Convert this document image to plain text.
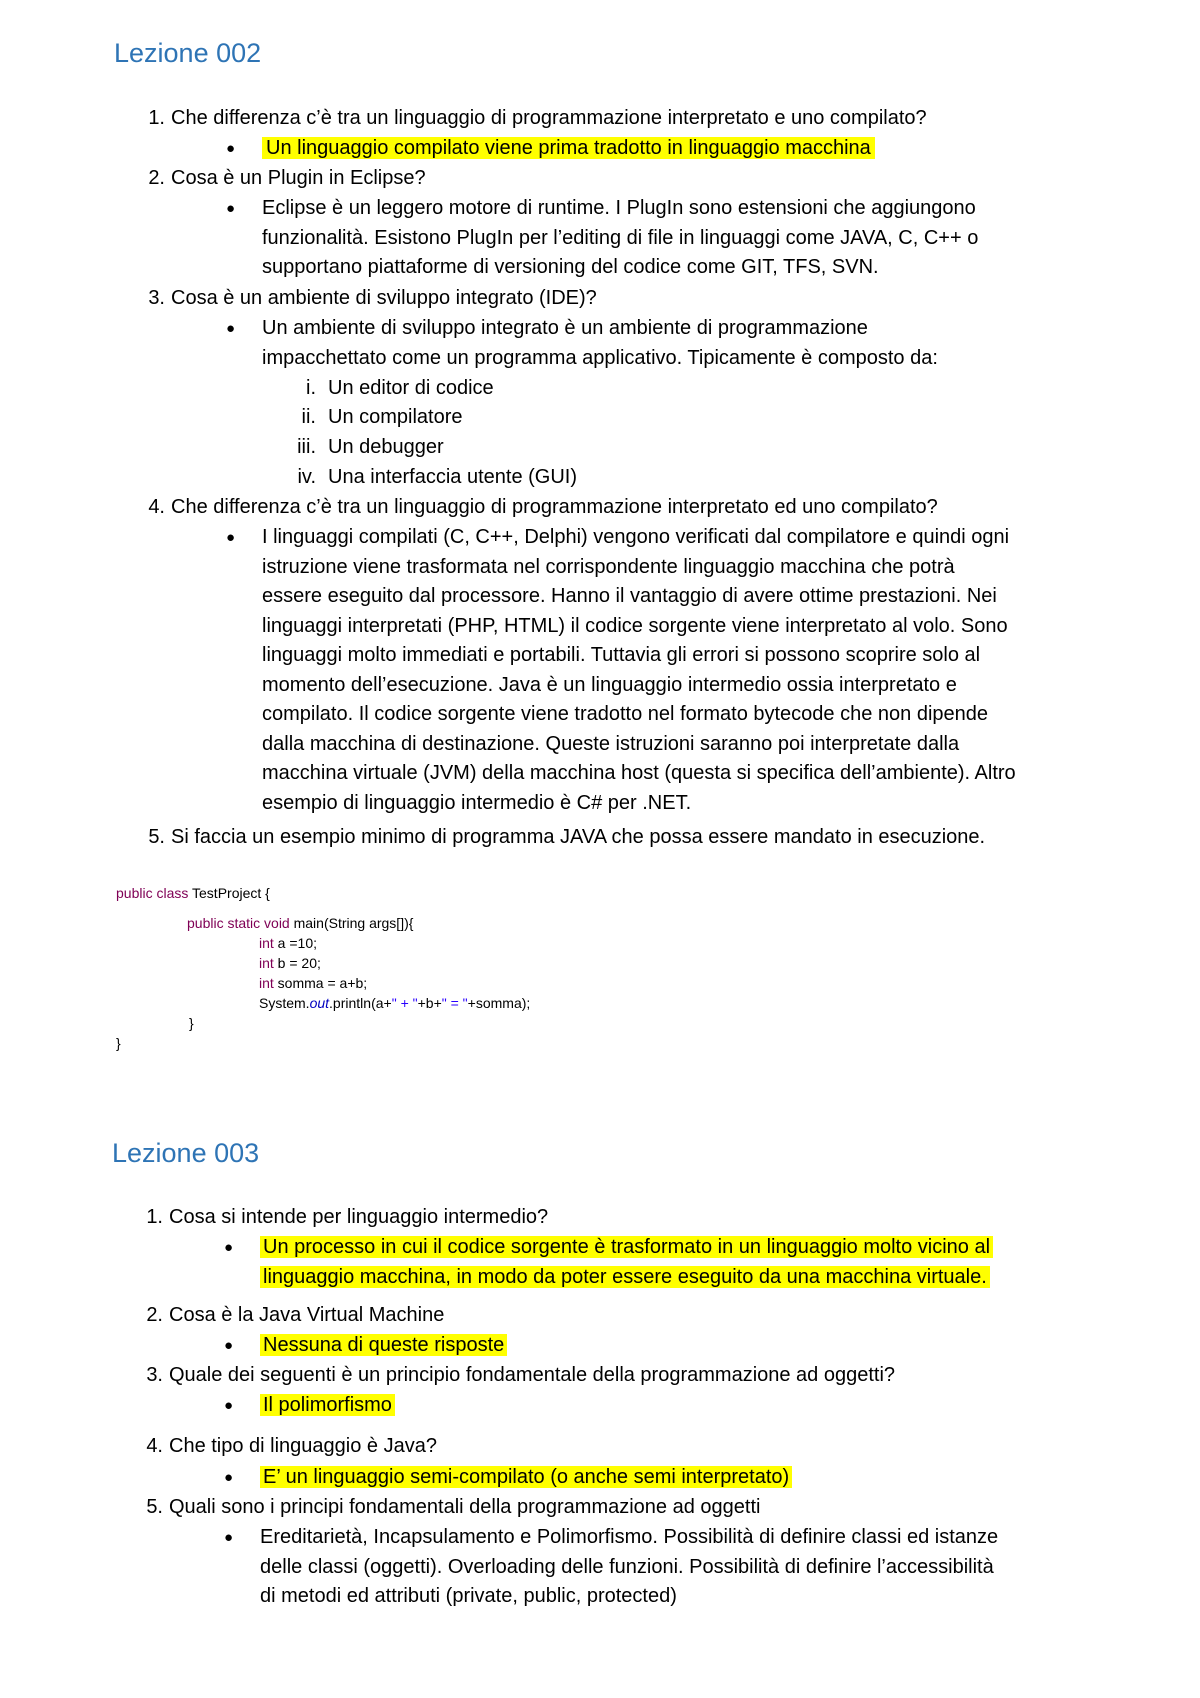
Lezione 002
1. Che differenza c’è tra un linguaggio di programmazione interpretato e uno compilato?
● Un linguaggio compilato viene prima tradotto in linguaggio macchina
2. Cosa è un Plugin in Eclipse?
● Eclipse è un leggero motore di runtime. I PlugIn sono estensioni che aggiungono
funzionalità. Esistono PlugIn per l’editing di file in linguaggi come JAVA, C, C++ o
supportano piattaforme di versioning del codice come GIT, TFS, SVN.
3. Cosa è un ambiente di sviluppo integrato (IDE)?
● Un ambiente di sviluppo integrato è un ambiente di programmazione
impacchettato come un programma applicativo. Tipicamente è composto da:
i. Un editor di codice
ii. Un compilatore
iii. Un debugger
iv. Una interfaccia utente (GUI)
4. Che differenza c’è tra un linguaggio di programmazione interpretato ed uno compilato?
● I linguaggi compilati (C, C++, Delphi) vengono verificati dal compilatore e quindi ogni
istruzione viene trasformata nel corrispondente linguaggio macchina che potrà
essere eseguito dal processore. Hanno il vantaggio di avere ottime prestazioni. Nei
linguaggi interpretati (PHP, HTML) il codice sorgente viene interpretato al volo. Sono
linguaggi molto immediati e portabili. Tuttavia gli errori si possono scoprire solo al
momento dell’esecuzione. Java è un linguaggio intermedio ossia interpretato e
compilato. Il codice sorgente viene tradotto nel formato bytecode che non dipende
dalla macchina di destinazione. Queste istruzioni saranno poi interpretate dalla
macchina virtuale (JVM) della macchina host (questa si specifica dell’ambiente). Altro
esempio di linguaggio intermedio è C# per .NET.
5. Si faccia un esempio minimo di programma JAVA che possa essere mandato in esecuzione.
public class TestProject {
public static void main(String args[]){
int a =10;
int b = 20;
int somma = a+b;
System.out.println(a+" + "+b+" = "+somma);
}
}
Lezione 003
1. Cosa si intende per linguaggio intermedio?
● Un processo in cui il codice sorgente è trasformato in un linguaggio molto vicino al
linguaggio macchina, in modo da poter essere eseguito da una macchina virtuale.
2. Cosa è la Java Virtual Machine
● Nessuna di queste risposte
3. Quale dei seguenti è un principio fondamentale della programmazione ad oggetti?
● Il polimorfismo
4. Che tipo di linguaggio è Java?
● E’ un linguaggio semi-compilato (o anche semi interpretato)
5. Quali sono i principi fondamentali della programmazione ad oggetti
● Ereditarietà, Incapsulamento e Polimorfismo. Possibilità di definire classi ed istanze
delle classi (oggetti). Overloading delle funzioni. Possibilità di definire l’accessibilità
di metodi ed attributi (private, public, protected)
